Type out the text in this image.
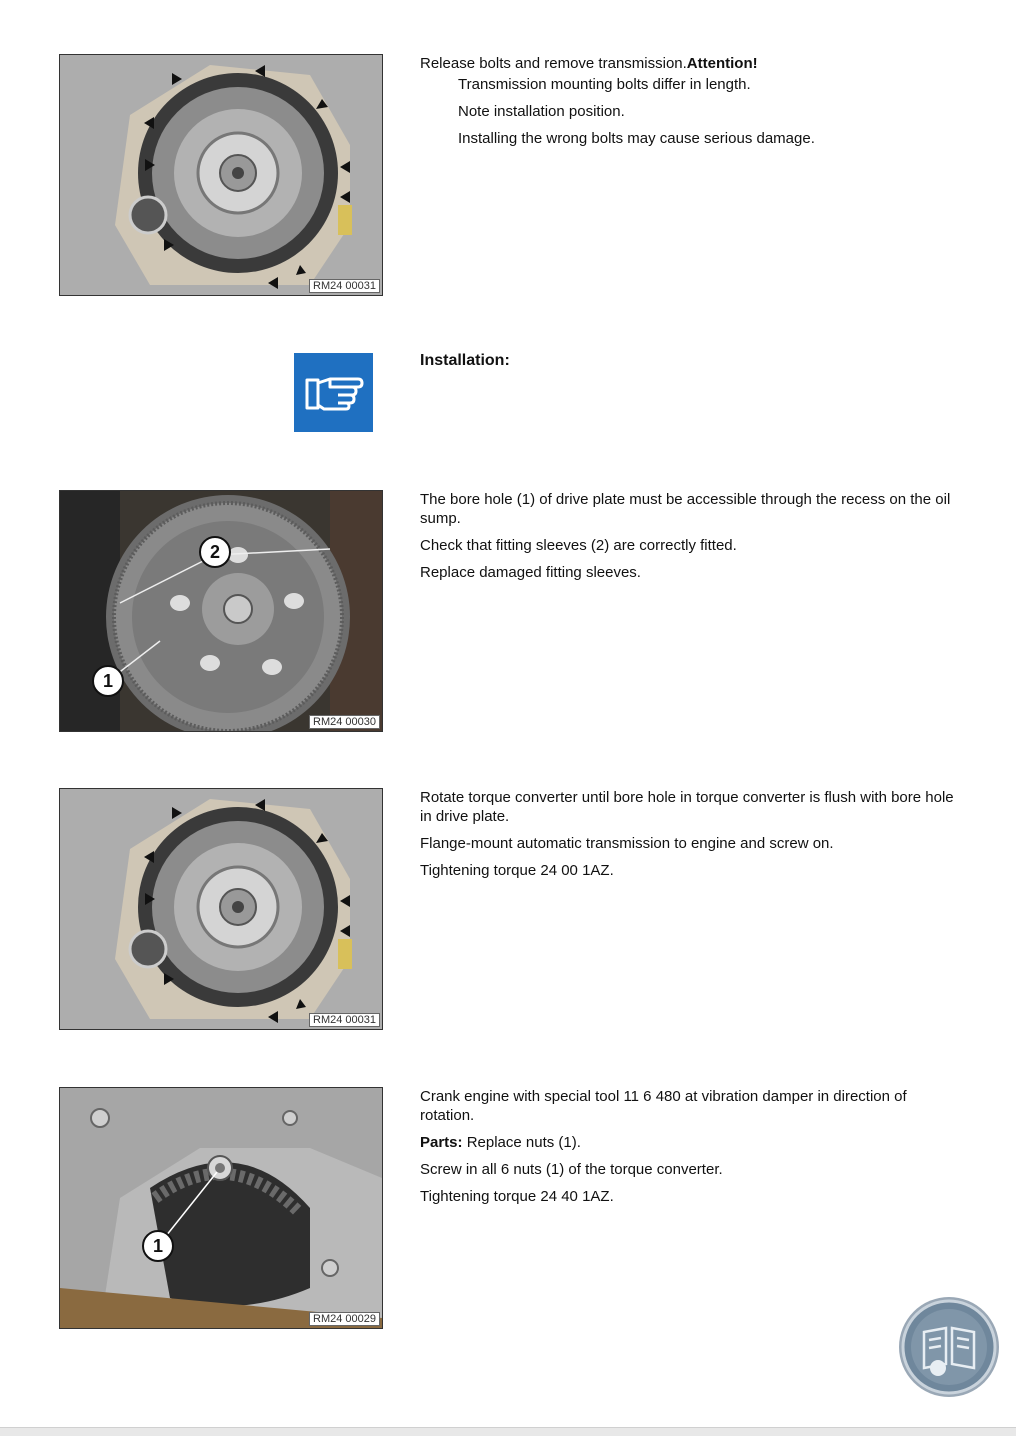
RM24 00031

Release bolts and remove transmission.Attention!

Transmission mounting bolts differ in length.

Note installation position.

Installing the wrong bolts may cause serious damage.

Installation:
2
1
RM24 00030

The bore hole (1) of drive plate must be accessible through the recess on the oil sump.

Check that fitting sleeves (2) are correctly fitted.

Replace damaged fitting sleeves.

RM24 00031

Rotate torque converter until bore hole in torque converter is flush with bore hole in drive plate.

Flange-mount automatic transmission to engine and screw on.

Tightening torque 24 00 1AZ.

1
RM24 00029

Crank engine with special tool 11 6 480 at vibration damper in direction of rotation.

Parts: Replace nuts (1).

Screw in all 6 nuts (1) of the torque converter.

Tightening torque 24 40 1AZ.
